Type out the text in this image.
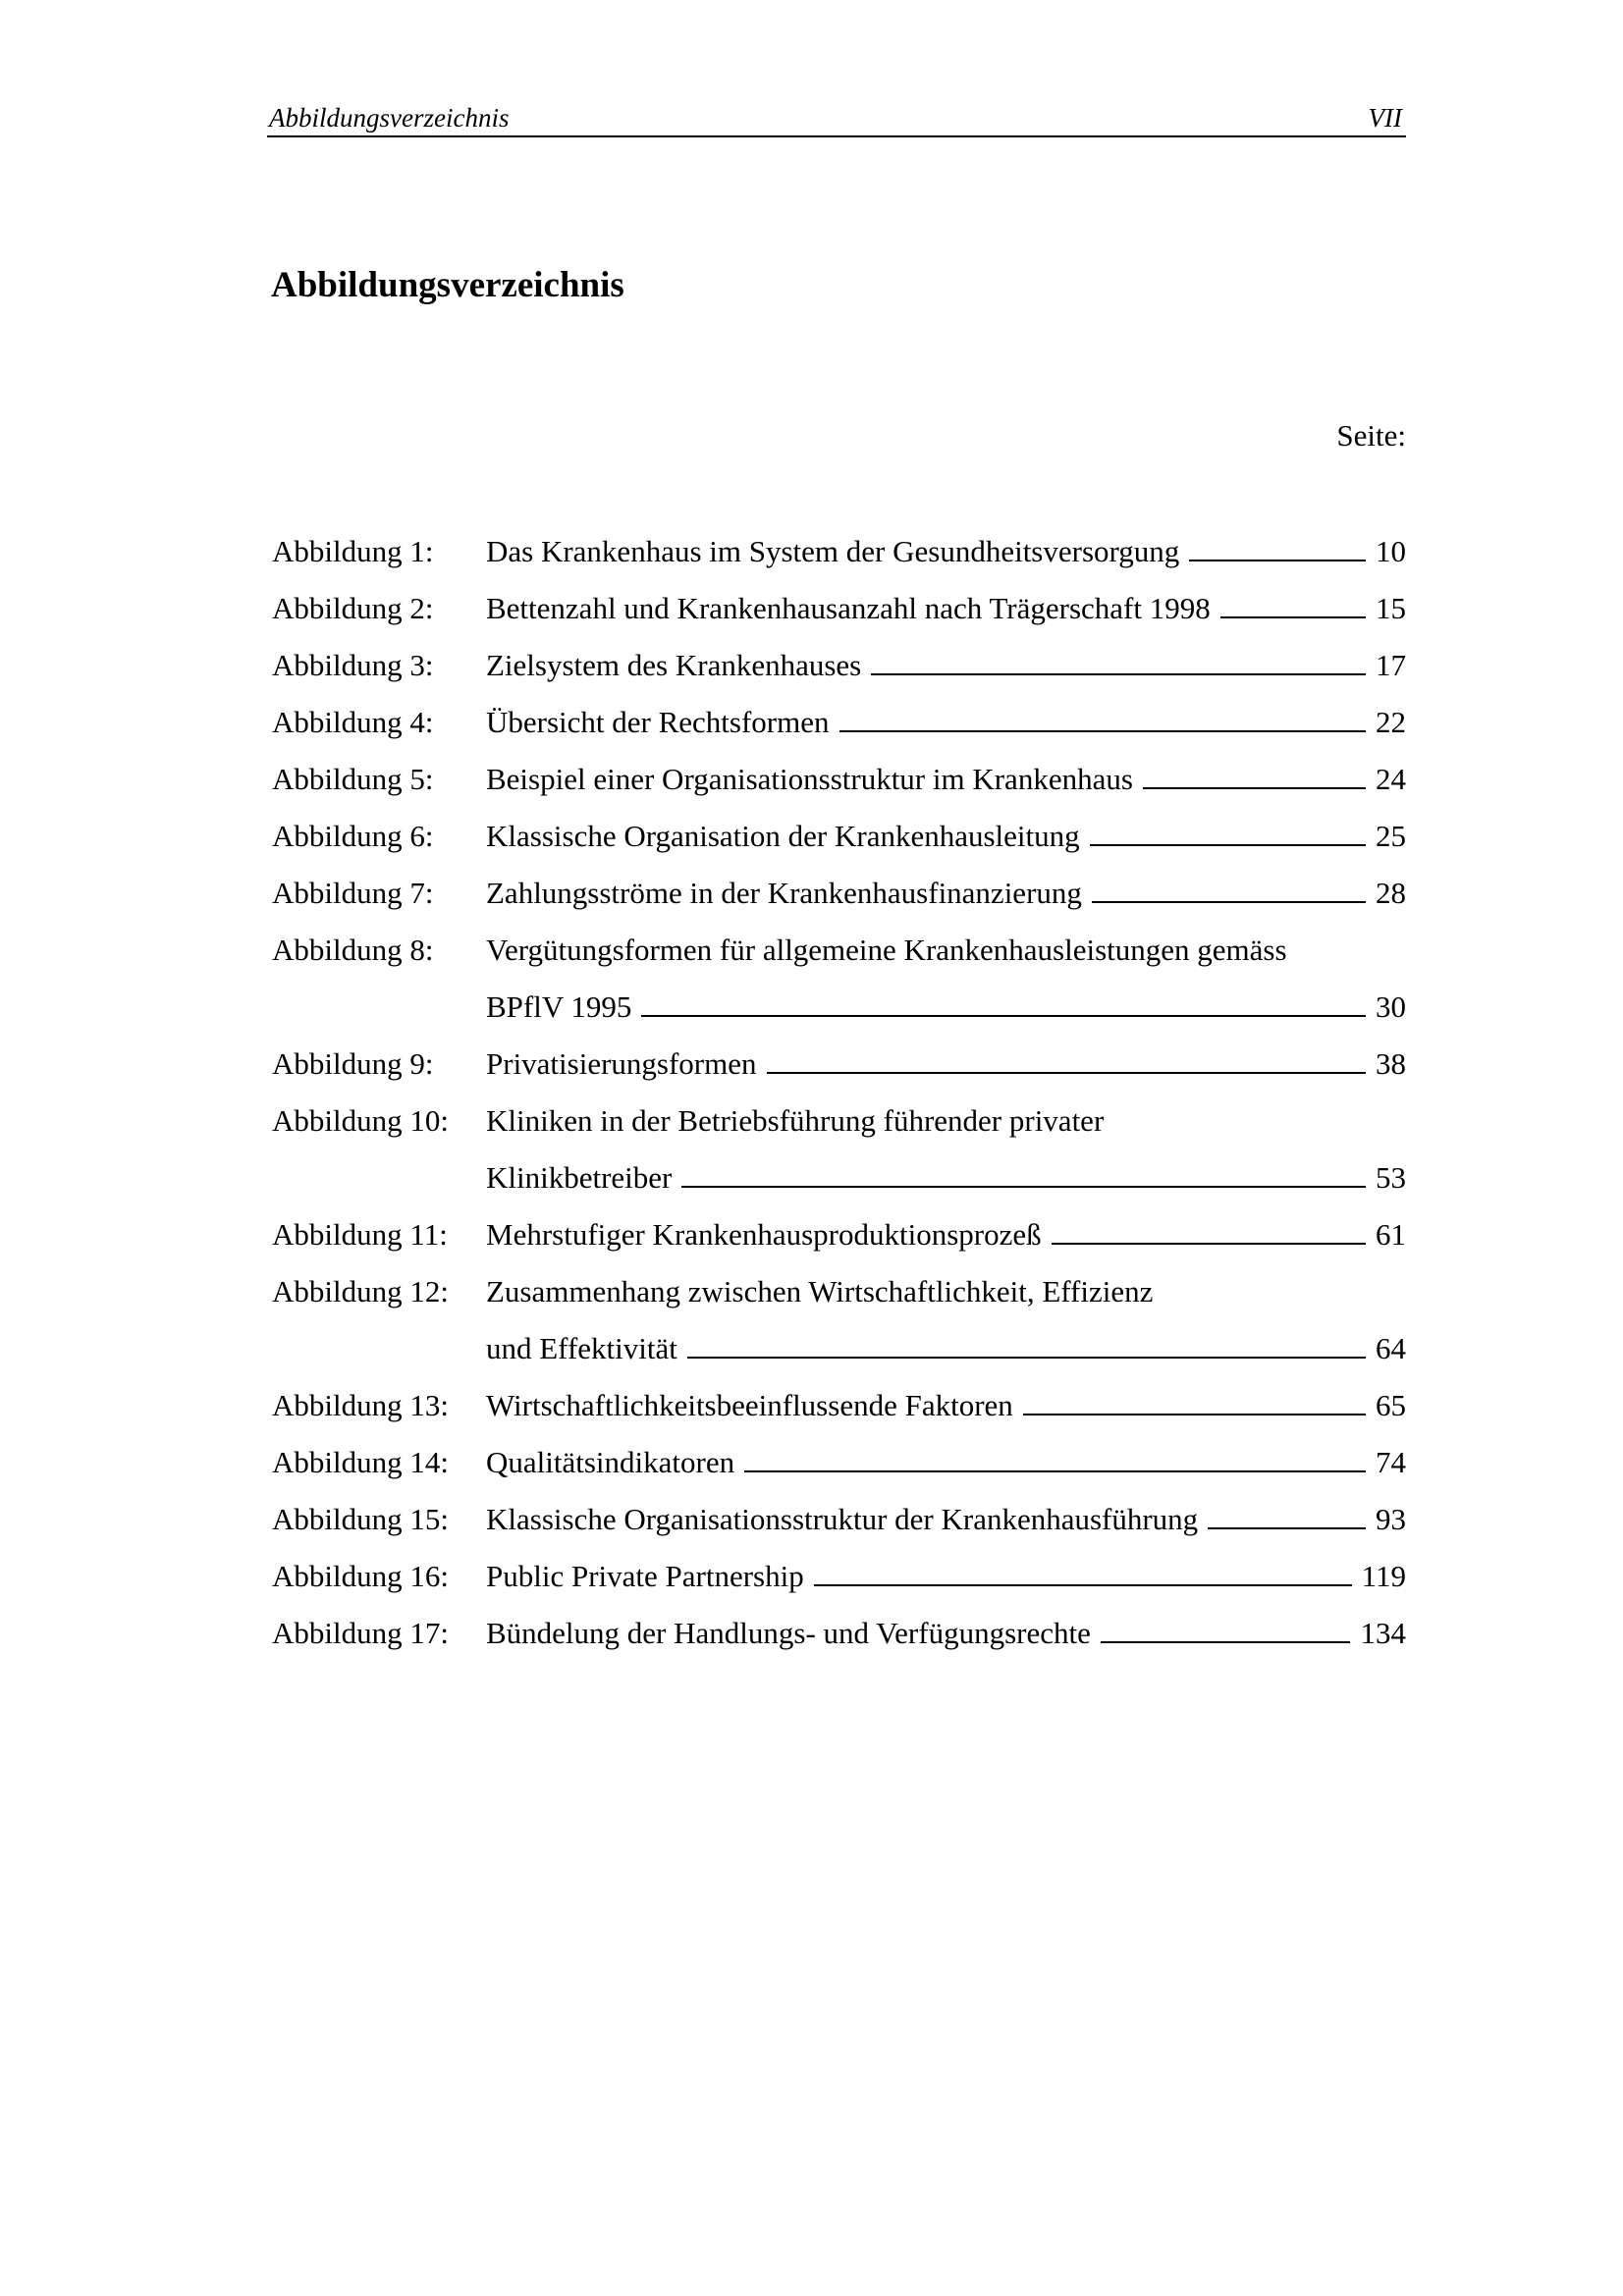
Abbildungsverzeichnis	VII
Abbildungsverzeichnis
Seite:
Abbildung 1: Das Krankenhaus im System der Gesundheitsversorgung	10
Abbildung 2: Bettenzahl und Krankenhausanzahl nach Trägerschaft 1998	15
Abbildung 3: Zielsystem des Krankenhauses	17
Abbildung 4: Übersicht der Rechtsformen	22
Abbildung 5: Beispiel einer Organisationsstruktur im Krankenhaus	24
Abbildung 6: Klassische Organisation der Krankenhausleitung	25
Abbildung 7: Zahlungsströme in der Krankenhausfinanzierung	28
Abbildung 8: Vergütungsformen für allgemeine Krankenhausleistungen gemäss
BPflV 1995	30
Abbildung 9: Privatisierungsformen	38
Abbildung 10: Kliniken in der Betriebsführung führender privater
Klinikbetreiber	53
Abbildung 11: Mehrstufiger Krankenhausproduktionsprozeß	61
Abbildung 12: Zusammenhang zwischen Wirtschaftlichkeit, Effizienz
und Effektivität	64
Abbildung 13: Wirtschaftlichkeitsbeeinflussende Faktoren	65
Abbildung 14: Qualitätsindikatoren	74
Abbildung 15: Klassische Organisationsstruktur der Krankenhausführung	93
Abbildung 16: Public Private Partnership	119
Abbildung 17: Bündelung der Handlungs- und Verfügungsrechte	134
